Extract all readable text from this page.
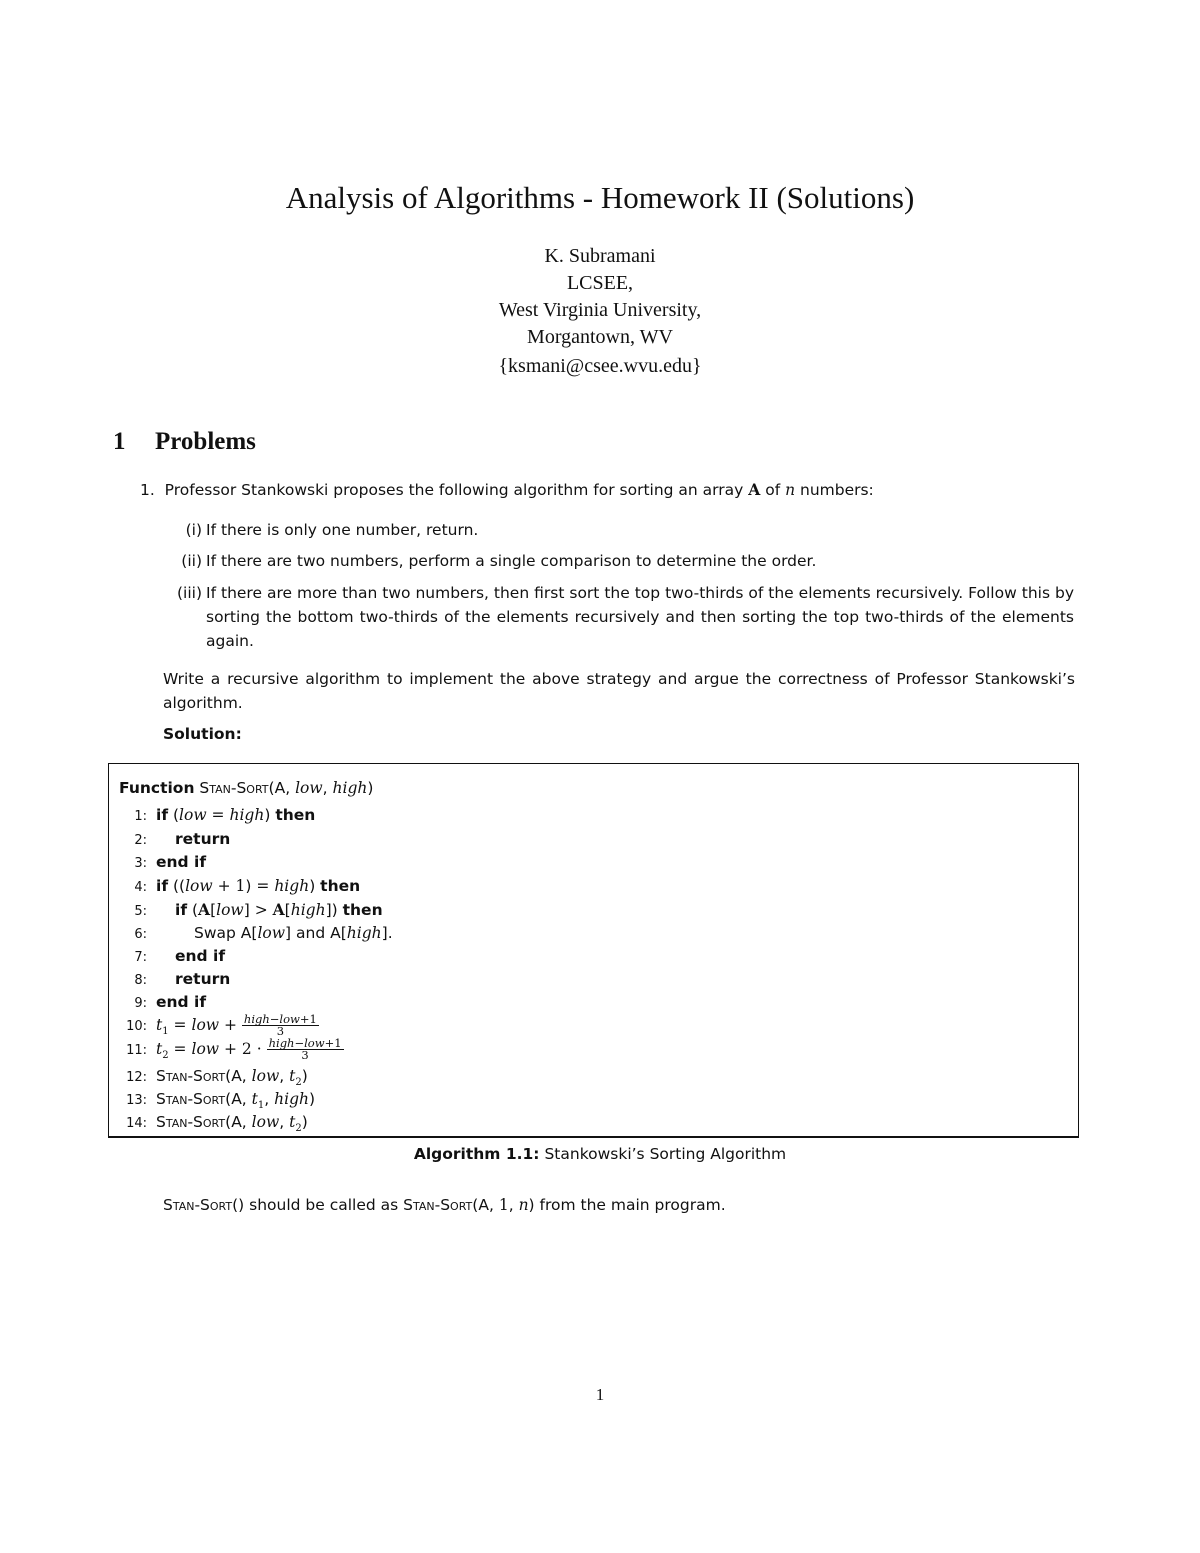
Analysis of Algorithms - Homework II (Solutions)
K. Subramani
LCSEE,
West Virginia University,
Morgantown, WV
{ksmani@csee.wvu.edu}
1 Problems
1. Professor Stankowski proposes the following algorithm for sorting an array A of n numbers:
(i) If there is only one number, return.
(ii) If there are two numbers, perform a single comparison to determine the order.
(iii) If there are more than two numbers, then first sort the top two-thirds of the elements recursively. Follow this by sorting the bottom two-thirds of the elements recursively and then sorting the top two-thirds of the elements again.
Write a recursive algorithm to implement the above strategy and argue the correctness of Professor Stankowski’s algorithm.
Solution:
Function Stan-Sort(A, low, high)
1: if (low = high) then
2: return
3: end if
4: if ((low + 1) = high) then
5: if (A[low] > A[high]) then
6:	Swap A[low] and A[high].
7: end if
8: return
9: end if
10: $t_1$ = low + $\frac{\text{high−low+1}}{3}$
11: $t_2$ = low + $2 \cdot \frac{\text{high−low+1}}{3}$
12: Stan-Sort(A, low, $t_2$)
13: Stan-Sort(A, $t_1$, high)
14: Stan-Sort(A, low, $t_2$)
Algorithm 1.1: Stankowski’s Sorting Algorithm
Stan-Sort() should be called as Stan-Sort(A, 1, n) from the main program.
1
